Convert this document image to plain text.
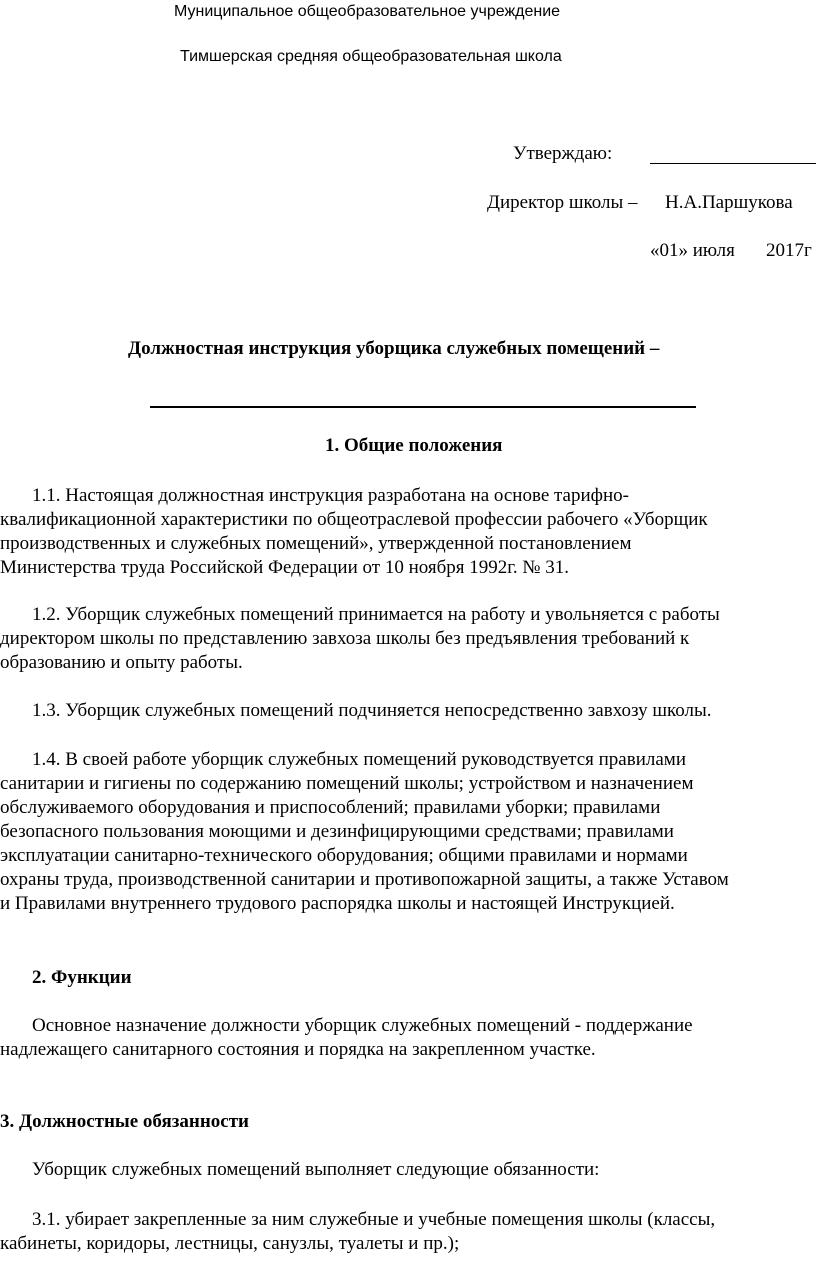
Муниципальное общеобразовательное учреждение
Тимшерская средняя общеобразовательная школа
Утверждаю:
Директор школы – Н.А.Паршукова
«01» июля 2017г
Должностная инструкция уборщика служебных помещений –
1. Общие положения
1.1. Настоящая должностная инструкция разработана на основе тарифно-
квалификационной характеристики по общеотраслевой профессии рабочего «Уборщик
производственных и служебных помещений», утвержденной постановлением
Министерства труда Российской Федерации от 10 ноября 1992г. № 31.
1.2. Уборщик служебных помещений принимается на работу и увольняется с работы
директором школы по представлению завхоза школы без предъявления требований к
образованию и опыту работы.
1.3. Уборщик служебных помещений подчиняется непосредственно завхозу школы.
1.4. В своей работе уборщик служебных помещений руководствуется правилами
санитарии и гигиены по содержанию помещений школы; устройством и назначением
обслуживаемого оборудования и приспособлений; правилами уборки; правилами
безопасного пользования моющими и дезинфицирующими средствами; правилами
эксплуатации санитарно-технического оборудования; общими правилами и нормами
охраны труда, производственной санитарии и противопожарной защиты, а также Уставом
и Правилами внутреннего трудового распорядка школы и настоящей Инструкцией.
2. Функции
Основное назначение должности уборщик служебных помещений - поддержание
надлежащего санитарного состояния и порядка на закрепленном участке.
3. Должностные обязанности
Уборщик служебных помещений выполняет следующие обязанности:
3.1. убирает закрепленные за ним служебные и учебные помещения школы (классы,
кабинеты, коридоры, лестницы, санузлы, туалеты и пр.);
